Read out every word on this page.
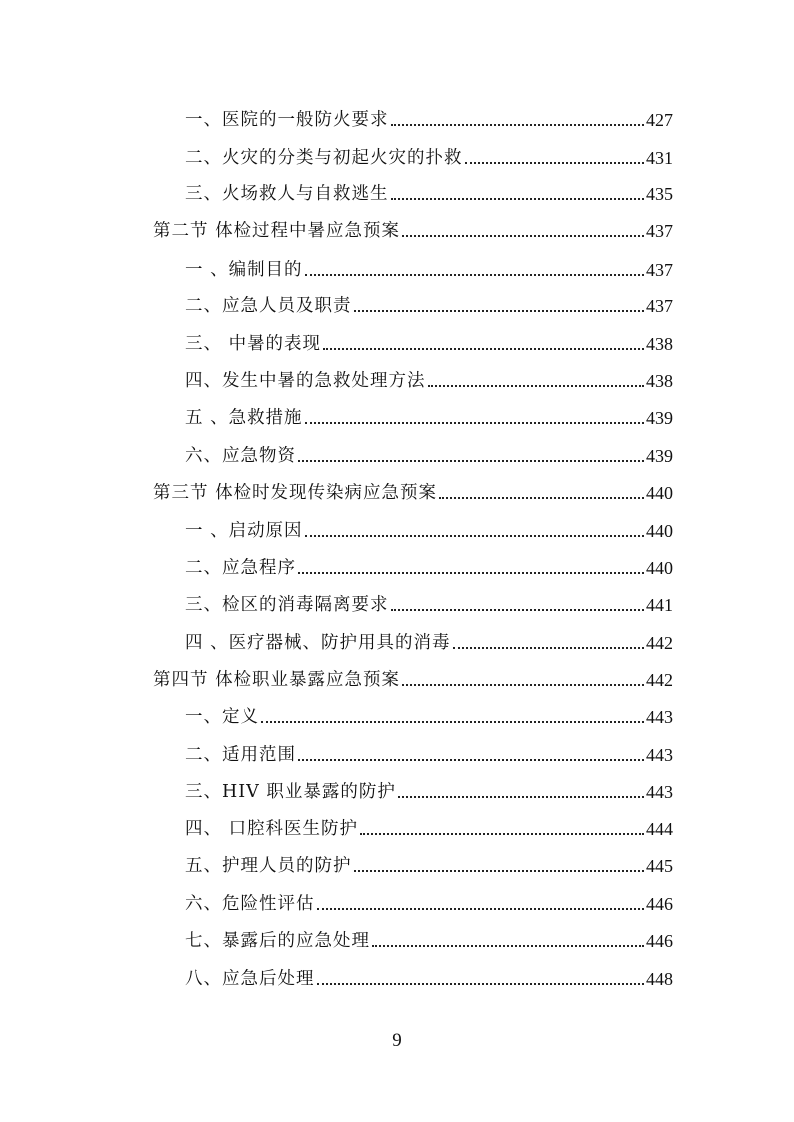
一、医院的一般防火要求	427
二、火灾的分类与初起火灾的扑救	431
三、火场救人与自救逃生	435
第二节 体检过程中暑应急预案	437
一 、编制目的	437
二、应急人员及职责	437
三、 中暑的表现	438
四、发生中暑的急救处理方法	438
五 、急救措施	439
六、应急物资	439
第三节 体检时发现传染病应急预案	440
一 、启动原因	440
二、应急程序	440
三、检区的消毒隔离要求	441
四 、医疗器械、防护用具的消毒	442
第四节 体检职业暴露应急预案	442
一、定义	443
二、适用范围	443
三、HIV 职业暴露的防护	443
四、 口腔科医生防护	444
五、护理人员的防护	445
六、危险性评估	446
七、暴露后的应急处理	446
八、应急后处理	448
9
